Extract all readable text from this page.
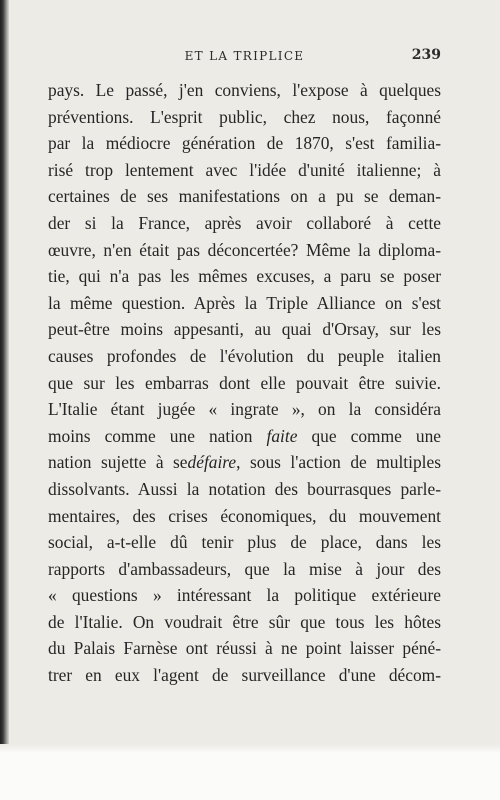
ET LA TRIPLICE	239
pays. Le passé, j'en conviens, l'expose à quelques
préventions. L'esprit public, chez nous, façonné
par la médiocre génération de 1870, s'est familia-
risé trop lentement avec l'idée d'unité italienne; à
certaines de ses manifestations on a pu se deman-
der si la France, après avoir collaboré à cette
œuvre, n'en était pas déconcertée? Même la diploma-
tie, qui n'a pas les mêmes excuses, a paru se poser
la même question. Après la Triple Alliance on s'est
peut-être moins appesanti, au quai d'Orsay, sur les
causes profondes de l'évolution du peuple italien
que sur les embarras dont elle pouvait être suivie.
L'Italie étant jugée « ingrate », on la considéra
moins comme une nation faite que comme une
nation sujette à sedéfaire, sous l'action de multiples
dissolvants. Aussi la notation des bourrasques parle-
mentaires, des crises économiques, du mouvement
social, a-t-elle dû tenir plus de place, dans les
rapports d'ambassadeurs, que la mise à jour des
« questions » intéressant la politique extérieure
de l'Italie. On voudrait être sûr que tous les hôtes
du Palais Farnèse ont réussi à ne point laisser péné-
trer en eux l'agent de surveillance d'une décom-
